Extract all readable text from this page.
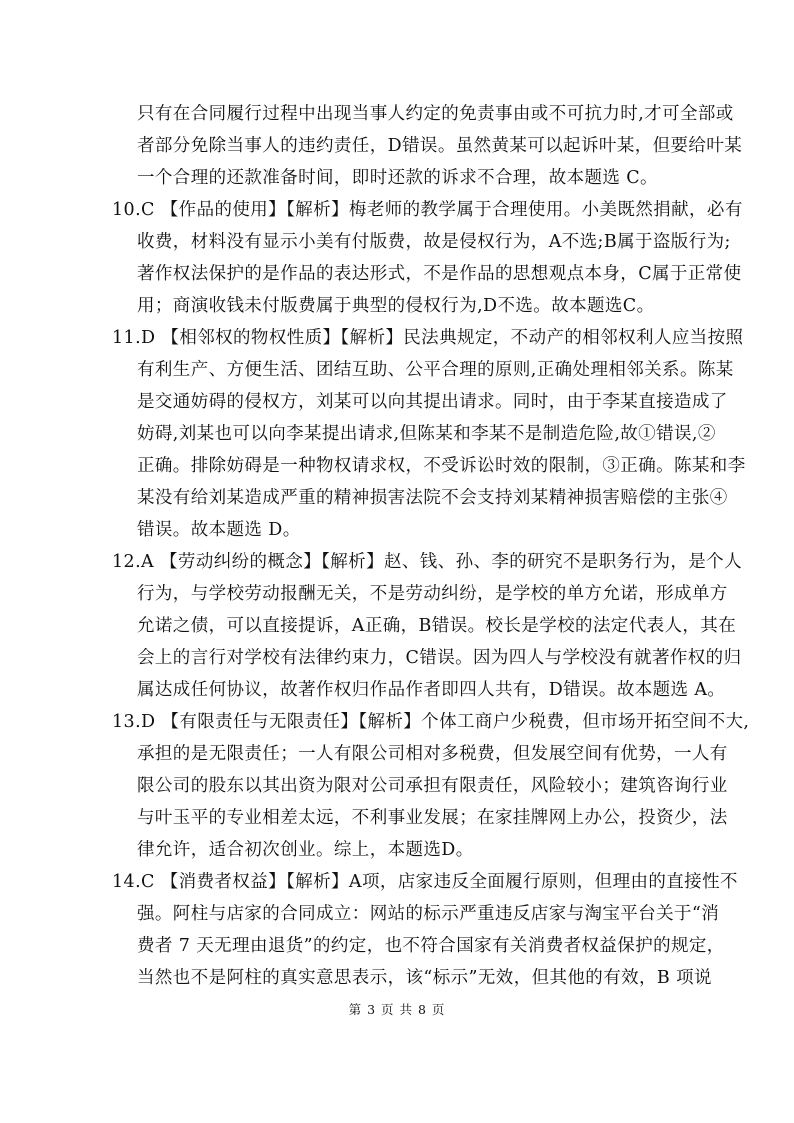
只有在合同履行过程中出现当事人约定的免责事由或不可抗力时,才可全部或
者部分免除当事人的违约责任，D错误。虽然黄某可以起诉叶某，但要给叶某
一个合理的还款准备时间，即时还款的诉求不合理，故本题选 C。
10.C 【作品的使用】【解析】梅老师的教学属于合理使用。小美既然捐献，必有
收费，材料没有显示小美有付版费，故是侵权行为，A不选;B属于盗版行为;
著作权法保护的是作品的表达形式，不是作品的思想观点本身，C属于正常使
用；商演收钱未付版费属于典型的侵权行为,D不选。故本题选C。
11.D 【相邻权的物权性质】【解析】民法典规定，不动产的相邻权利人应当按照
有利生产、方便生活、团结互助、公平合理的原则,正确处理相邻关系。陈某
是交通妨碍的侵权方，刘某可以向其提出请求。同时，由于李某直接造成了
妨碍,刘某也可以向李某提出请求,但陈某和李某不是制造危险,故①错误,②
正确。排除妨碍是一种物权请求权，不受诉讼时效的限制，③正确。陈某和李
某没有给刘某造成严重的精神损害法院不会支持刘某精神损害赔偿的主张④
错误。故本题选 D。
12.A 【劳动纠纷的概念】【解析】赵、钱、孙、李的研究不是职务行为，是个人
行为，与学校劳动报酬无关，不是劳动纠纷，是学校的单方允诺，形成单方
允诺之债，可以直接提诉，A正确，B错误。校长是学校的法定代表人，其在
会上的言行对学校有法律约束力，C错误。因为四人与学校没有就著作权的归
属达成任何协议，故著作权归作品作者即四人共有，D错误。故本题选 A。
13.D 【有限责任与无限责任】【解析】个体工商户少税费，但市场开拓空间不大,
承担的是无限责任；一人有限公司相对多税费，但发展空间有优势，一人有
限公司的股东以其出资为限对公司承担有限责任，风险较小；建筑咨询行业
与叶玉平的专业相差太远，不利事业发展；在家挂牌网上办公，投资少，法
律允许，适合初次创业。综上，本题选D。
14.C 【消费者权益】【解析】A项，店家违反全面履行原则，但理由的直接性不
强。阿柱与店家的合同成立：网站的标示严重违反店家与淘宝平台关于“消
费者 7 天无理由退货”的约定，也不符合国家有关消费者权益保护的规定，
当然也不是阿柱的真实意思表示，该“标示”无效，但其他的有效，B 项说
第 3 页 共 8 页
